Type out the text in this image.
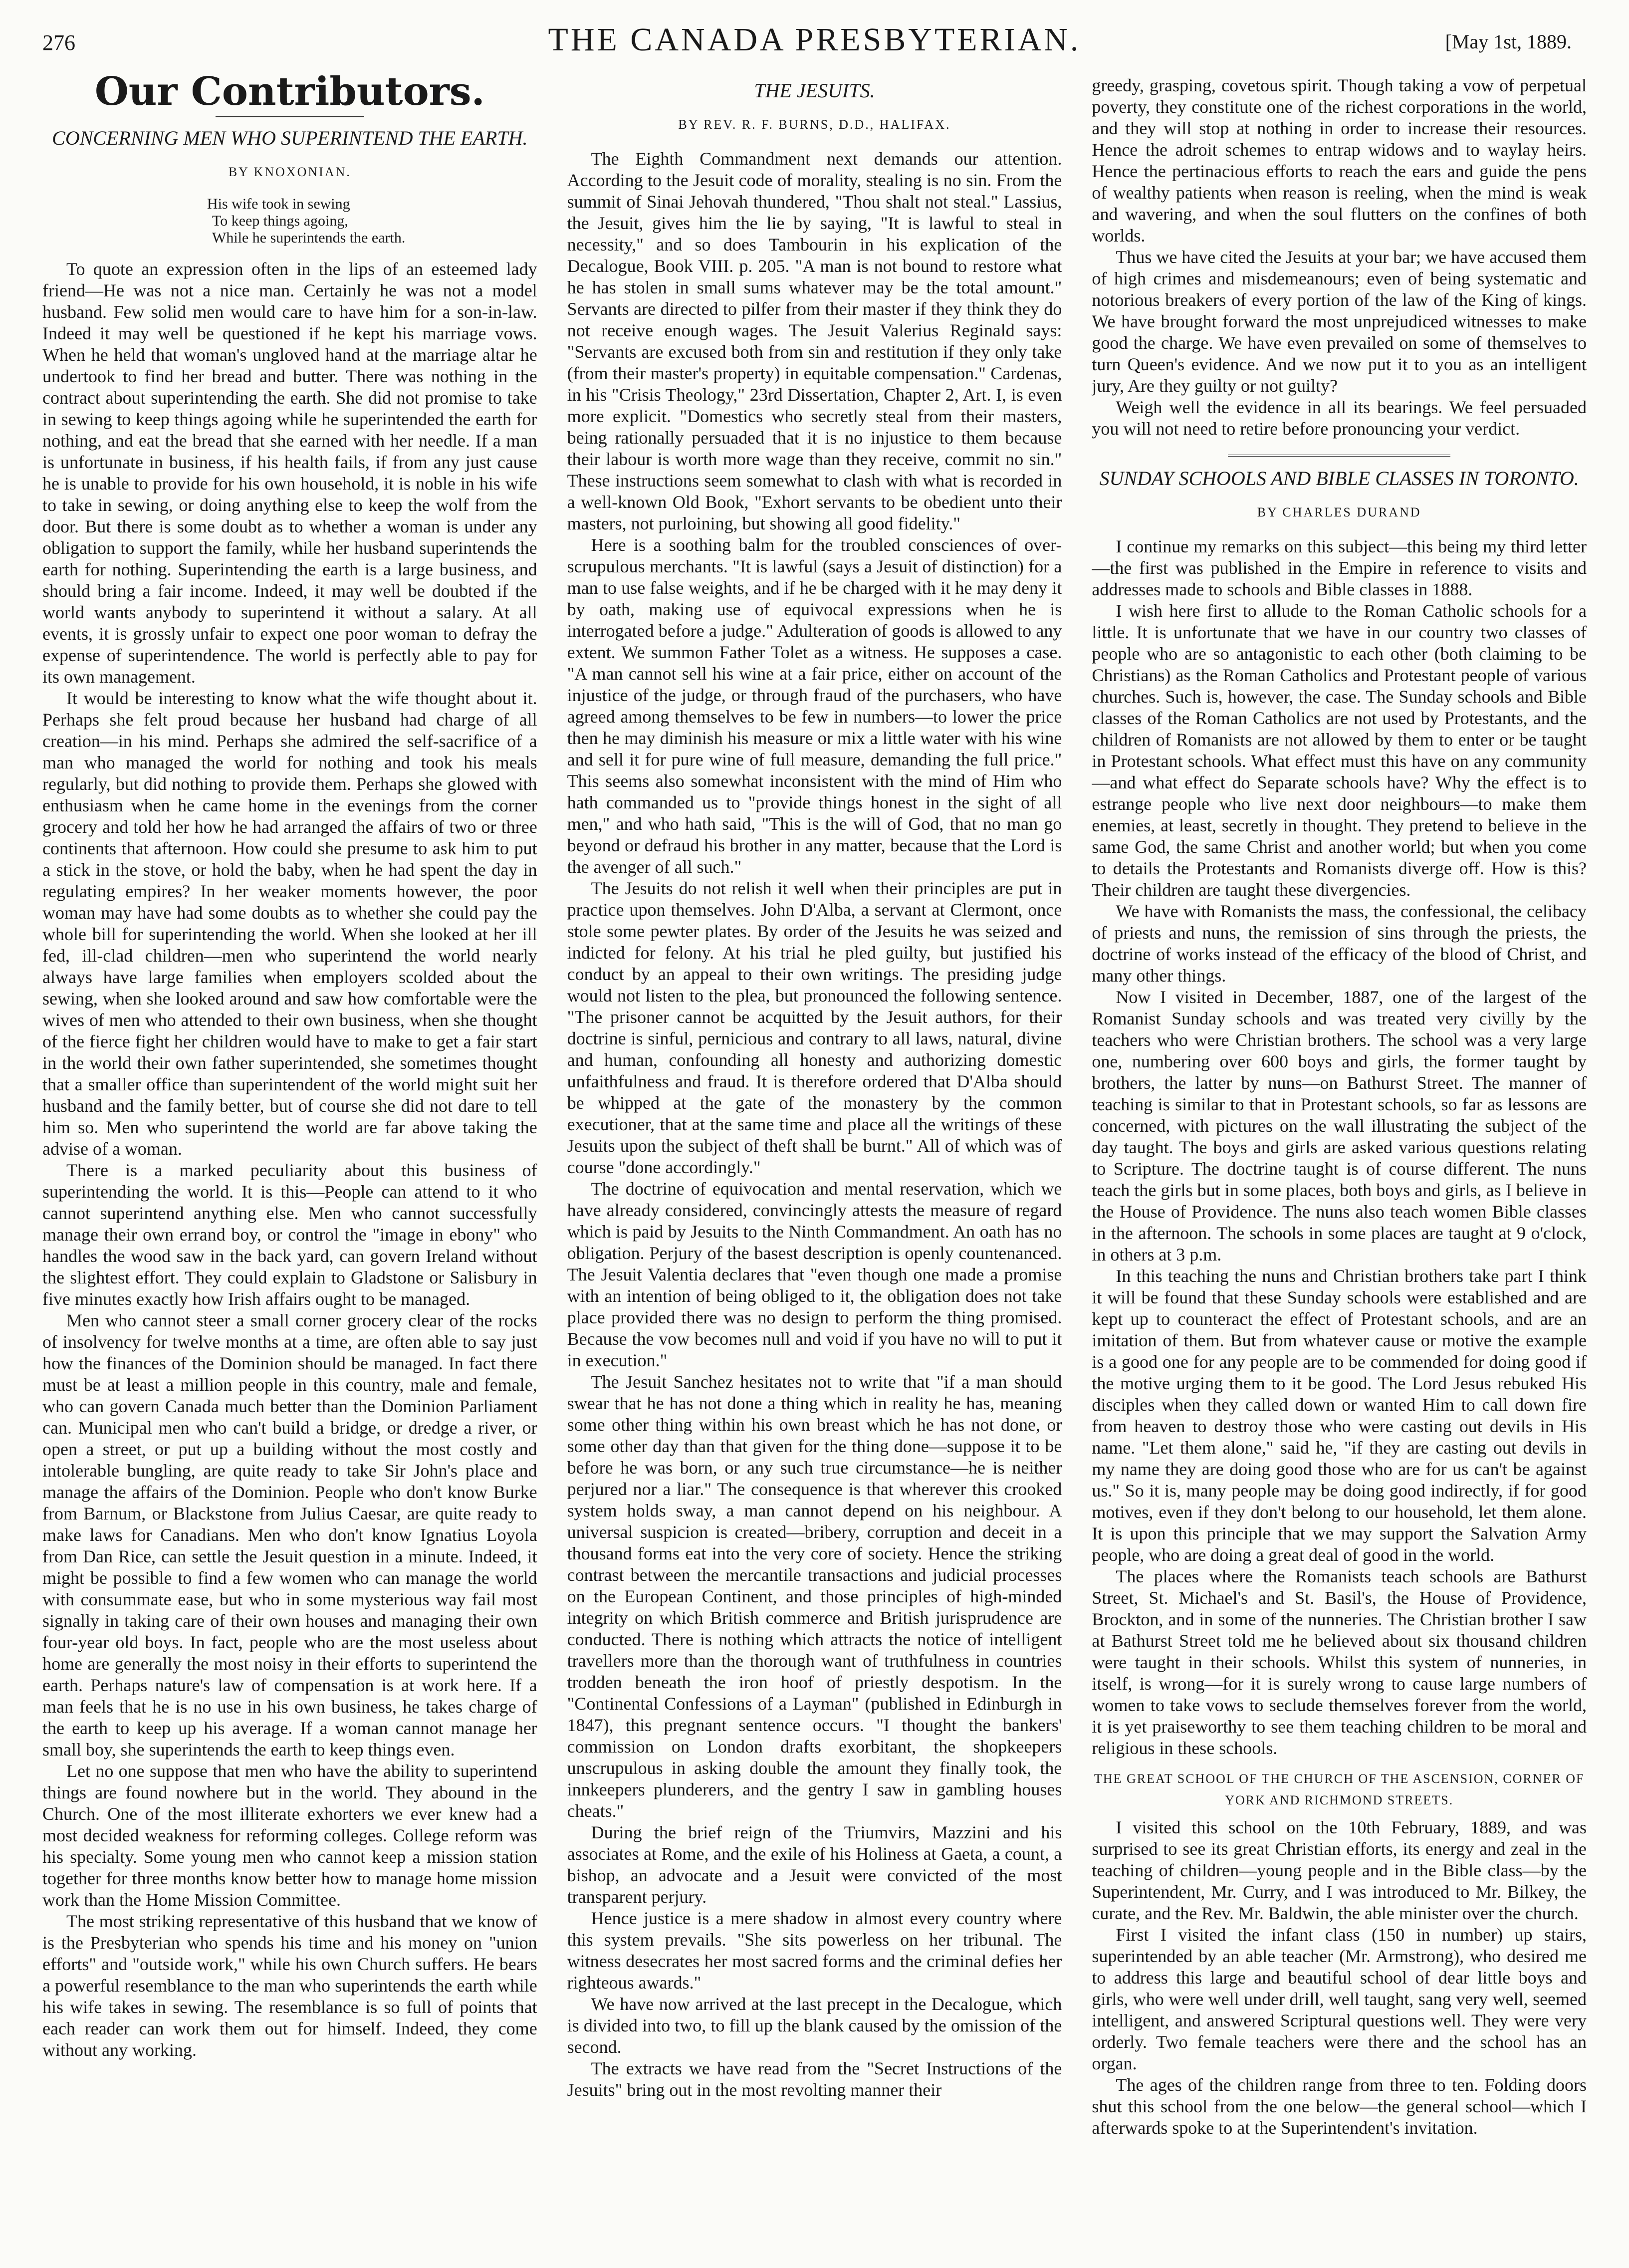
276	THE CANADA PRESBYTERIAN.	[May 1st, 1889.
Our Contributors.
CONCERNING MEN WHO SUPERINTEND THE EARTH.
BY KNOXONIAN.
His wife took in sewing
To keep things agoing,
While he superintends the earth.

To quote an expression often in the lips of an esteemed lady friend—He was not a nice man. Certainly he was not a model husband. Few solid men would care to have him for a son-in-law. Indeed it may well be questioned if he kept his marriage vows. When he held that woman's ungloved hand at the marriage altar he undertook to find her bread and butter. There was nothing in the contract about superintending the earth. She did not promise to take in sewing to keep things agoing while he superintended the earth for nothing, and eat the bread that she earned with her needle. If a man is unfortunate in business, if his health fails, if from any just cause he is unable to provide for his own household, it is noble in his wife to take in sewing, or doing anything else to keep the wolf from the door. But there is some doubt as to whether a woman is under any obligation to support the family, while her husband superintends the earth for nothing. Superintending the earth is a large business, and should bring a fair income. Indeed, it may well be doubted if the world wants anybody to superintend it without a salary. At all events, it is grossly unfair to expect one poor woman to defray the expense of superintendence. The world is perfectly able to pay for its own management.

It would be interesting to know what the wife thought about it. Perhaps she felt proud because her husband had charge of all creation—in his mind. Perhaps she admired the self-sacrifice of a man who managed the world for nothing and took his meals regularly, but did nothing to provide them. Perhaps she glowed with enthusiasm when he came home in the evenings from the corner grocery and told her how he had arranged the affairs of two or three continents that afternoon. How could she presume to ask him to put a stick in the stove, or hold the baby, when he had spent the day in regulating empires? In her weaker moments however, the poor woman may have had some doubts as to whether she could pay the whole bill for superintending the world. When she looked at her ill fed, ill-clad children—men who superintend the world nearly always have large families when employers scolded about the sewing, when she looked around and saw how comfortable were the wives of men who attended to their own business, when she thought of the fierce fight her children would have to make to get a fair start in the world their own father superintended, she sometimes thought that a smaller office than superintendent of the world might suit her husband and the family better, but of course she did not dare to tell him so. Men who superintend the world are far above taking the advise of a woman.

There is a marked peculiarity about this business of superintending the world. It is this—People can attend to it who cannot superintend anything else. Men who cannot successfully manage their own errand boy, or control the "image in ebony" who handles the wood saw in the back yard, can govern Ireland without the slightest effort. They could explain to Gladstone or Salisbury in five minutes exactly how Irish affairs ought to be managed.

Men who cannot steer a small corner grocery clear of the rocks of insolvency for twelve months at a time, are often able to say just how the finances of the Dominion should be managed. In fact there must be at least a million people in this country, male and female, who can govern Canada much better than the Dominion Parliament can. Municipal men who can't build a bridge, or dredge a river, or open a street, or put up a building without the most costly and intolerable bungling, are quite ready to take Sir John's place and manage the affairs of the Dominion. People who don't know Burke from Barnum, or Blackstone from Julius Caesar, are quite ready to make laws for Canadians. Men who don't know Ignatius Loyola from Dan Rice, can settle the Jesuit question in a minute. Indeed, it might be possible to find a few women who can manage the world with consummate ease, but who in some mysterious way fail most signally in taking care of their own houses and managing their own four-year old boys. In fact, people who are the most useless about home are generally the most noisy in their efforts to superintend the earth. Perhaps nature's law of compensation is at work here. If a man feels that he is no use in his own business, he takes charge of the earth to keep up his average. If a woman cannot manage her small boy, she superintends the earth to keep things even.

Let no one suppose that men who have the ability to superintend things are found nowhere but in the world. They abound in the Church. One of the most illiterate exhorters we ever knew had a most decided weakness for reforming colleges. College reform was his specialty. Some young men who cannot keep a mission station together for three months know better how to manage home mission work than the Home Mission Committee.

The most striking representative of this husband that we know of is the Presbyterian who spends his time and his money on "union efforts" and "outside work," while his own Church suffers. He bears a powerful resemblance to the man who superintends the earth while his wife takes in sewing. The resemblance is so full of points that each reader can work them out for himself. Indeed, they come without any working.

THE JESUITS.
BY REV. R. F. BURNS, D.D., HALIFAX.

The Eighth Commandment next demands our attention. According to the Jesuit code of morality, stealing is no sin. From the summit of Sinai Jehovah thundered, "Thou shalt not steal." Lassius, the Jesuit, gives him the lie by saying, "It is lawful to steal in necessity," and so does Tambourin in his explication of the Decalogue, Book VIII. p. 205. "A man is not bound to restore what he has stolen in small sums whatever may be the total amount." Servants are directed to pilfer from their master if they think they do not receive enough wages. The Jesuit Valerius Reginald says: "Servants are excused both from sin and restitution if they only take (from their master's property) in equitable compensation." Cardenas, in his "Crisis Theology," 23rd Dissertation, Chapter 2, Art. I, is even more explicit. "Domestics who secretly steal from their masters, being rationally persuaded that it is no injustice to them because their labour is worth more wage than they receive, commit no sin." These instructions seem somewhat to clash with what is recorded in a well-known Old Book, "Exhort servants to be obedient unto their masters, not purloining, but showing all good fidelity."

Here is a soothing balm for the troubled consciences of over-scrupulous merchants. "It is lawful (says a Jesuit of distinction) for a man to use false weights, and if he be charged with it he may deny it by oath, making use of equivocal expressions when he is interrogated before a judge." Adulteration of goods is allowed to any extent. We summon Father Tolet as a witness. He supposes a case. "A man cannot sell his wine at a fair price, either on account of the injustice of the judge, or through fraud of the purchasers, who have agreed among themselves to be few in numbers—to lower the price then he may diminish his measure or mix a little water with his wine and sell it for pure wine of full measure, demanding the full price." This seems also somewhat inconsistent with the mind of Him who hath commanded us to "provide things honest in the sight of all men," and who hath said, "This is the will of God, that no man go beyond or defraud his brother in any matter, because that the Lord is the avenger of all such."

The Jesuits do not relish it well when their principles are put in practice upon themselves. John D'Alba, a servant at Clermont, once stole some pewter plates. By order of the Jesuits he was seized and indicted for felony. At his trial he pled guilty, but justified his conduct by an appeal to their own writings. The presiding judge would not listen to the plea, but pronounced the following sentence. "The prisoner cannot be acquitted by the Jesuit authors, for their doctrine is sinful, pernicious and contrary to all laws, natural, divine and human, confounding all honesty and authorizing domestic unfaithfulness and fraud. It is therefore ordered that D'Alba should be whipped at the gate of the monastery by the common executioner, that at the same time and place all the writings of these Jesuits upon the subject of theft shall be burnt." All of which was of course "done accordingly."

The doctrine of equivocation and mental reservation, which we have already considered, convincingly attests the measure of regard which is paid by Jesuits to the Ninth Commandment. An oath has no obligation. Perjury of the basest description is openly countenanced. The Jesuit Valentia declares that "even though one made a promise with an intention of being obliged to it, the obligation does not take place provided there was no design to perform the thing promised. Because the vow becomes null and void if you have no will to put it in execution."

The Jesuit Sanchez hesitates not to write that "if a man should swear that he has not done a thing which in reality he has, meaning some other thing within his own breast which he has not done, or some other day than that given for the thing done—suppose it to be before he was born, or any such true circumstance—he is neither perjured nor a liar." The consequence is that wherever this crooked system holds sway, a man cannot depend on his neighbour. A universal suspicion is created—bribery, corruption and deceit in a thousand forms eat into the very core of society. Hence the striking contrast between the mercantile transactions and judicial processes on the European Continent, and those principles of high-minded integrity on which British commerce and British jurisprudence are conducted. There is nothing which attracts the notice of intelligent travellers more than the thorough want of truthfulness in countries trodden beneath the iron hoof of priestly despotism. In the "Continental Confessions of a Layman" (published in Edinburgh in 1847), this pregnant sentence occurs. "I thought the bankers' commission on London drafts exorbitant, the shopkeepers unscrupulous in asking double the amount they finally took, the innkeepers plunderers, and the gentry I saw in gambling houses cheats."

During the brief reign of the Triumvirs, Mazzini and his associates at Rome, and the exile of his Holiness at Gaeta, a count, a bishop, an advocate and a Jesuit were convicted of the most transparent perjury.

Hence justice is a mere shadow in almost every country where this system prevails. "She sits powerless on her tribunal. The witness desecrates her most sacred forms and the criminal defies her righteous awards."

We have now arrived at the last precept in the Decalogue, which is divided into two, to fill up the blank caused by the omission of the second.

The extracts we have read from the "Secret Instructions of the Jesuits" bring out in the most revolting manner their

greedy, grasping, covetous spirit. Though taking a vow of perpetual poverty, they constitute one of the richest corporations in the world, and they will stop at nothing in order to increase their resources. Hence the adroit schemes to entrap widows and to waylay heirs. Hence the pertinacious efforts to reach the ears and guide the pens of wealthy patients when reason is reeling, when the mind is weak and wavering, and when the soul flutters on the confines of both worlds.

Thus we have cited the Jesuits at your bar; we have accused them of high crimes and misdemeanours; even of being systematic and notorious breakers of every portion of the law of the King of kings. We have brought forward the most unprejudiced witnesses to make good the charge. We have even prevailed on some of themselves to turn Queen's evidence. And we now put it to you as an intelligent jury, Are they guilty or not guilty?

Weigh well the evidence in all its bearings. We feel persuaded you will not need to retire before pronouncing your verdict.

SUNDAY SCHOOLS AND BIBLE CLASSES IN TORONTO.
BY CHARLES DURAND

I continue my remarks on this subject—this being my third letter—the first was published in the Empire in reference to visits and addresses made to schools and Bible classes in 1888.

I wish here first to allude to the Roman Catholic schools for a little. It is unfortunate that we have in our country two classes of people who are so antagonistic to each other (both claiming to be Christians) as the Roman Catholics and Protestant people of various churches. Such is, however, the case. The Sunday schools and Bible classes of the Roman Catholics are not used by Protestants, and the children of Romanists are not allowed by them to enter or be taught in Protestant schools. What effect must this have on any community—and what effect do Separate schools have? Why the effect is to estrange people who live next door neighbours—to make them enemies, at least, secretly in thought. They pretend to believe in the same God, the same Christ and another world; but when you come to details the Protestants and Romanists diverge off. How is this? Their children are taught these divergencies.

We have with Romanists the mass, the confessional, the celibacy of priests and nuns, the remission of sins through the priests, the doctrine of works instead of the efficacy of the blood of Christ, and many other things.

Now I visited in December, 1887, one of the largest of the Romanist Sunday schools and was treated very civilly by the teachers who were Christian brothers. The school was a very large one, numbering over 600 boys and girls, the former taught by brothers, the latter by nuns—on Bathurst Street. The manner of teaching is similar to that in Protestant schools, so far as lessons are concerned, with pictures on the wall illustrating the subject of the day taught. The boys and girls are asked various questions relating to Scripture. The doctrine taught is of course different. The nuns teach the girls but in some places, both boys and girls, as I believe in the House of Providence. The nuns also teach women Bible classes in the afternoon. The schools in some places are taught at 9 o'clock, in others at 3 p.m.

In this teaching the nuns and Christian brothers take part I think it will be found that these Sunday schools were established and are kept up to counteract the effect of Protestant schools, and are an imitation of them. But from whatever cause or motive the example is a good one for any people are to be commended for doing good if the motive urging them to it be good. The Lord Jesus rebuked His disciples when they called down or wanted Him to call down fire from heaven to destroy those who were casting out devils in His name. "Let them alone," said he, "if they are casting out devils in my name they are doing good those who are for us can't be against us." So it is, many people may be doing good indirectly, if for good motives, even if they don't belong to our household, let them alone. It is upon this principle that we may support the Salvation Army people, who are doing a great deal of good in the world.

The places where the Romanists teach schools are Bathurst Street, St. Michael's and St. Basil's, the House of Providence, Brockton, and in some of the nunneries. The Christian brother I saw at Bathurst Street told me he believed about six thousand children were taught in their schools. Whilst this system of nunneries, in itself, is wrong—for it is surely wrong to cause large numbers of women to take vows to seclude themselves forever from the world, it is yet praiseworthy to see them teaching children to be moral and religious in these schools.

THE GREAT SCHOOL OF THE CHURCH OF THE ASCENSION, CORNER OF YORK AND RICHMOND STREETS.

I visited this school on the 10th February, 1889, and was surprised to see its great Christian efforts, its energy and zeal in the teaching of children—young people and in the Bible class—by the Superintendent, Mr. Curry, and I was introduced to Mr. Bilkey, the curate, and the Rev. Mr. Baldwin, the able minister over the church.

First I visited the infant class (150 in number) up stairs, superintended by an able teacher (Mr. Armstrong), who desired me to address this large and beautiful school of dear little boys and girls, who were well under drill, well taught, sang very well, seemed intelligent, and answered Scriptural questions well. They were very orderly. Two female teachers were there and the school has an organ.

The ages of the children range from three to ten. Folding doors shut this school from the one below—the general school—which I afterwards spoke to at the Superintendent's invitation.
